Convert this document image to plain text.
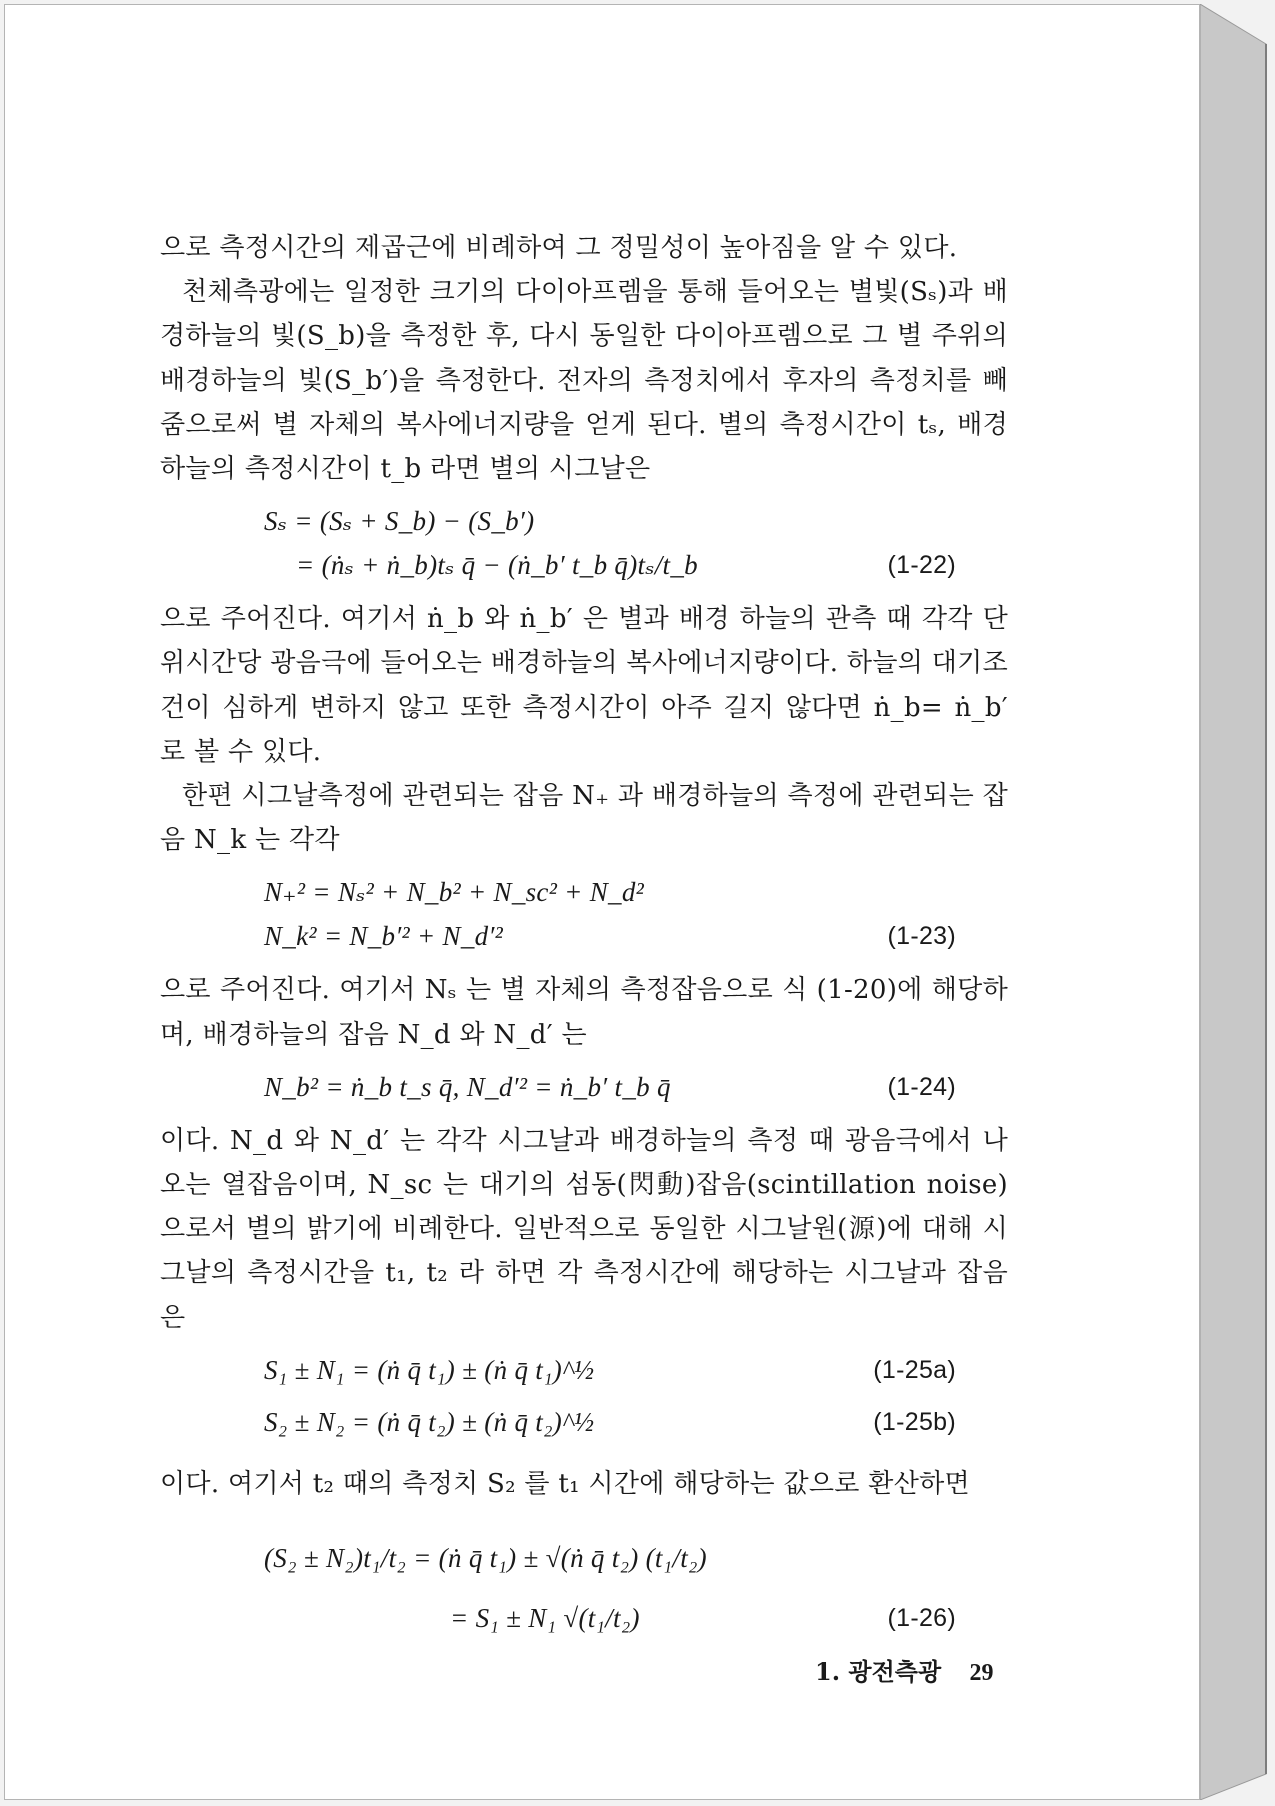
으로 측정시간의 제곱근에 비례하여 그 정밀성이 높아짐을 알 수 있다.

천체측광에는 일정한 크기의 다이아프렘을 통해 들어오는 별빛(Sₛ)과 배경하늘의 빛(S_b)을 측정한 후, 다시 동일한 다이아프렘으로 그 별 주위의 배경하늘의 빛(S_b′)을 측정한다. 전자의 측정치에서 후자의 측정치를 빼줌으로써 별 자체의 복사에너지량을 얻게 된다. 별의 측정시간이 tₛ, 배경하늘의 측정시간이 t_b 라면 별의 시그날은

Sₛ = (Sₛ + S_b) − (S_b′)
= (ṅₛ + ṅ_b)tₛ q̄ − (ṅ_b′ t_b q̄)tₛ/t_b	(1-22)

으로 주어진다. 여기서 ṅ_b 와 ṅ_b′ 은 별과 배경 하늘의 관측 때 각각 단위시간당 광음극에 들어오는 배경하늘의 복사에너지량이다. 하늘의 대기조건이 심하게 변하지 않고 또한 측정시간이 아주 길지 않다면 ṅ_b= ṅ_b′ 로 볼 수 있다.

한편 시그날측정에 관련되는 잡음 N₊ 과 배경하늘의 측정에 관련되는 잡음 N_k 는 각각

N₊² = Nₛ² + N_b² + N_sc² + N_d²
N_k² = N_b′² + N_d′²	(1-23)

으로 주어진다. 여기서 Nₛ 는 별 자체의 측정잡음으로 식 (1-20)에 해당하며, 배경하늘의 잡음 N_d 와 N_d′ 는

N_b² = ṅ_b t_s q̄, N_d′² = ṅ_b′ t_b q̄	(1-24)

이다. N_d 와 N_d′ 는 각각 시그날과 배경하늘의 측정 때 광음극에서 나오는 열잡음이며, N_sc 는 대기의 섬동(閃動)잡음(scintillation noise)으로서 별의 밝기에 비례한다. 일반적으로 동일한 시그날원(源)에 대해 시그날의 측정시간을 t₁, t₂ 라 하면 각 측정시간에 해당하는 시그날과 잡음은

S₁ ± N₁ = (ṅ q̄ t₁) ± (ṅ q̄ t₁)^½	(1-25a)
S₂ ± N₂ = (ṅ q̄ t₂) ± (ṅ q̄ t₂)^½	(1-25b)

이다. 여기서 t₂ 때의 측정치 S₂ 를 t₁ 시간에 해당하는 값으로 환산하면

(S₂ ± N₂)t₁/t₂ = (ṅ q̄ t₁) ± √(ṅ q̄ t₂) (t₁/t₂)
= S₁ ± N₁ √(t₁/t₂)	(1-26)
1. 광전측광 29
